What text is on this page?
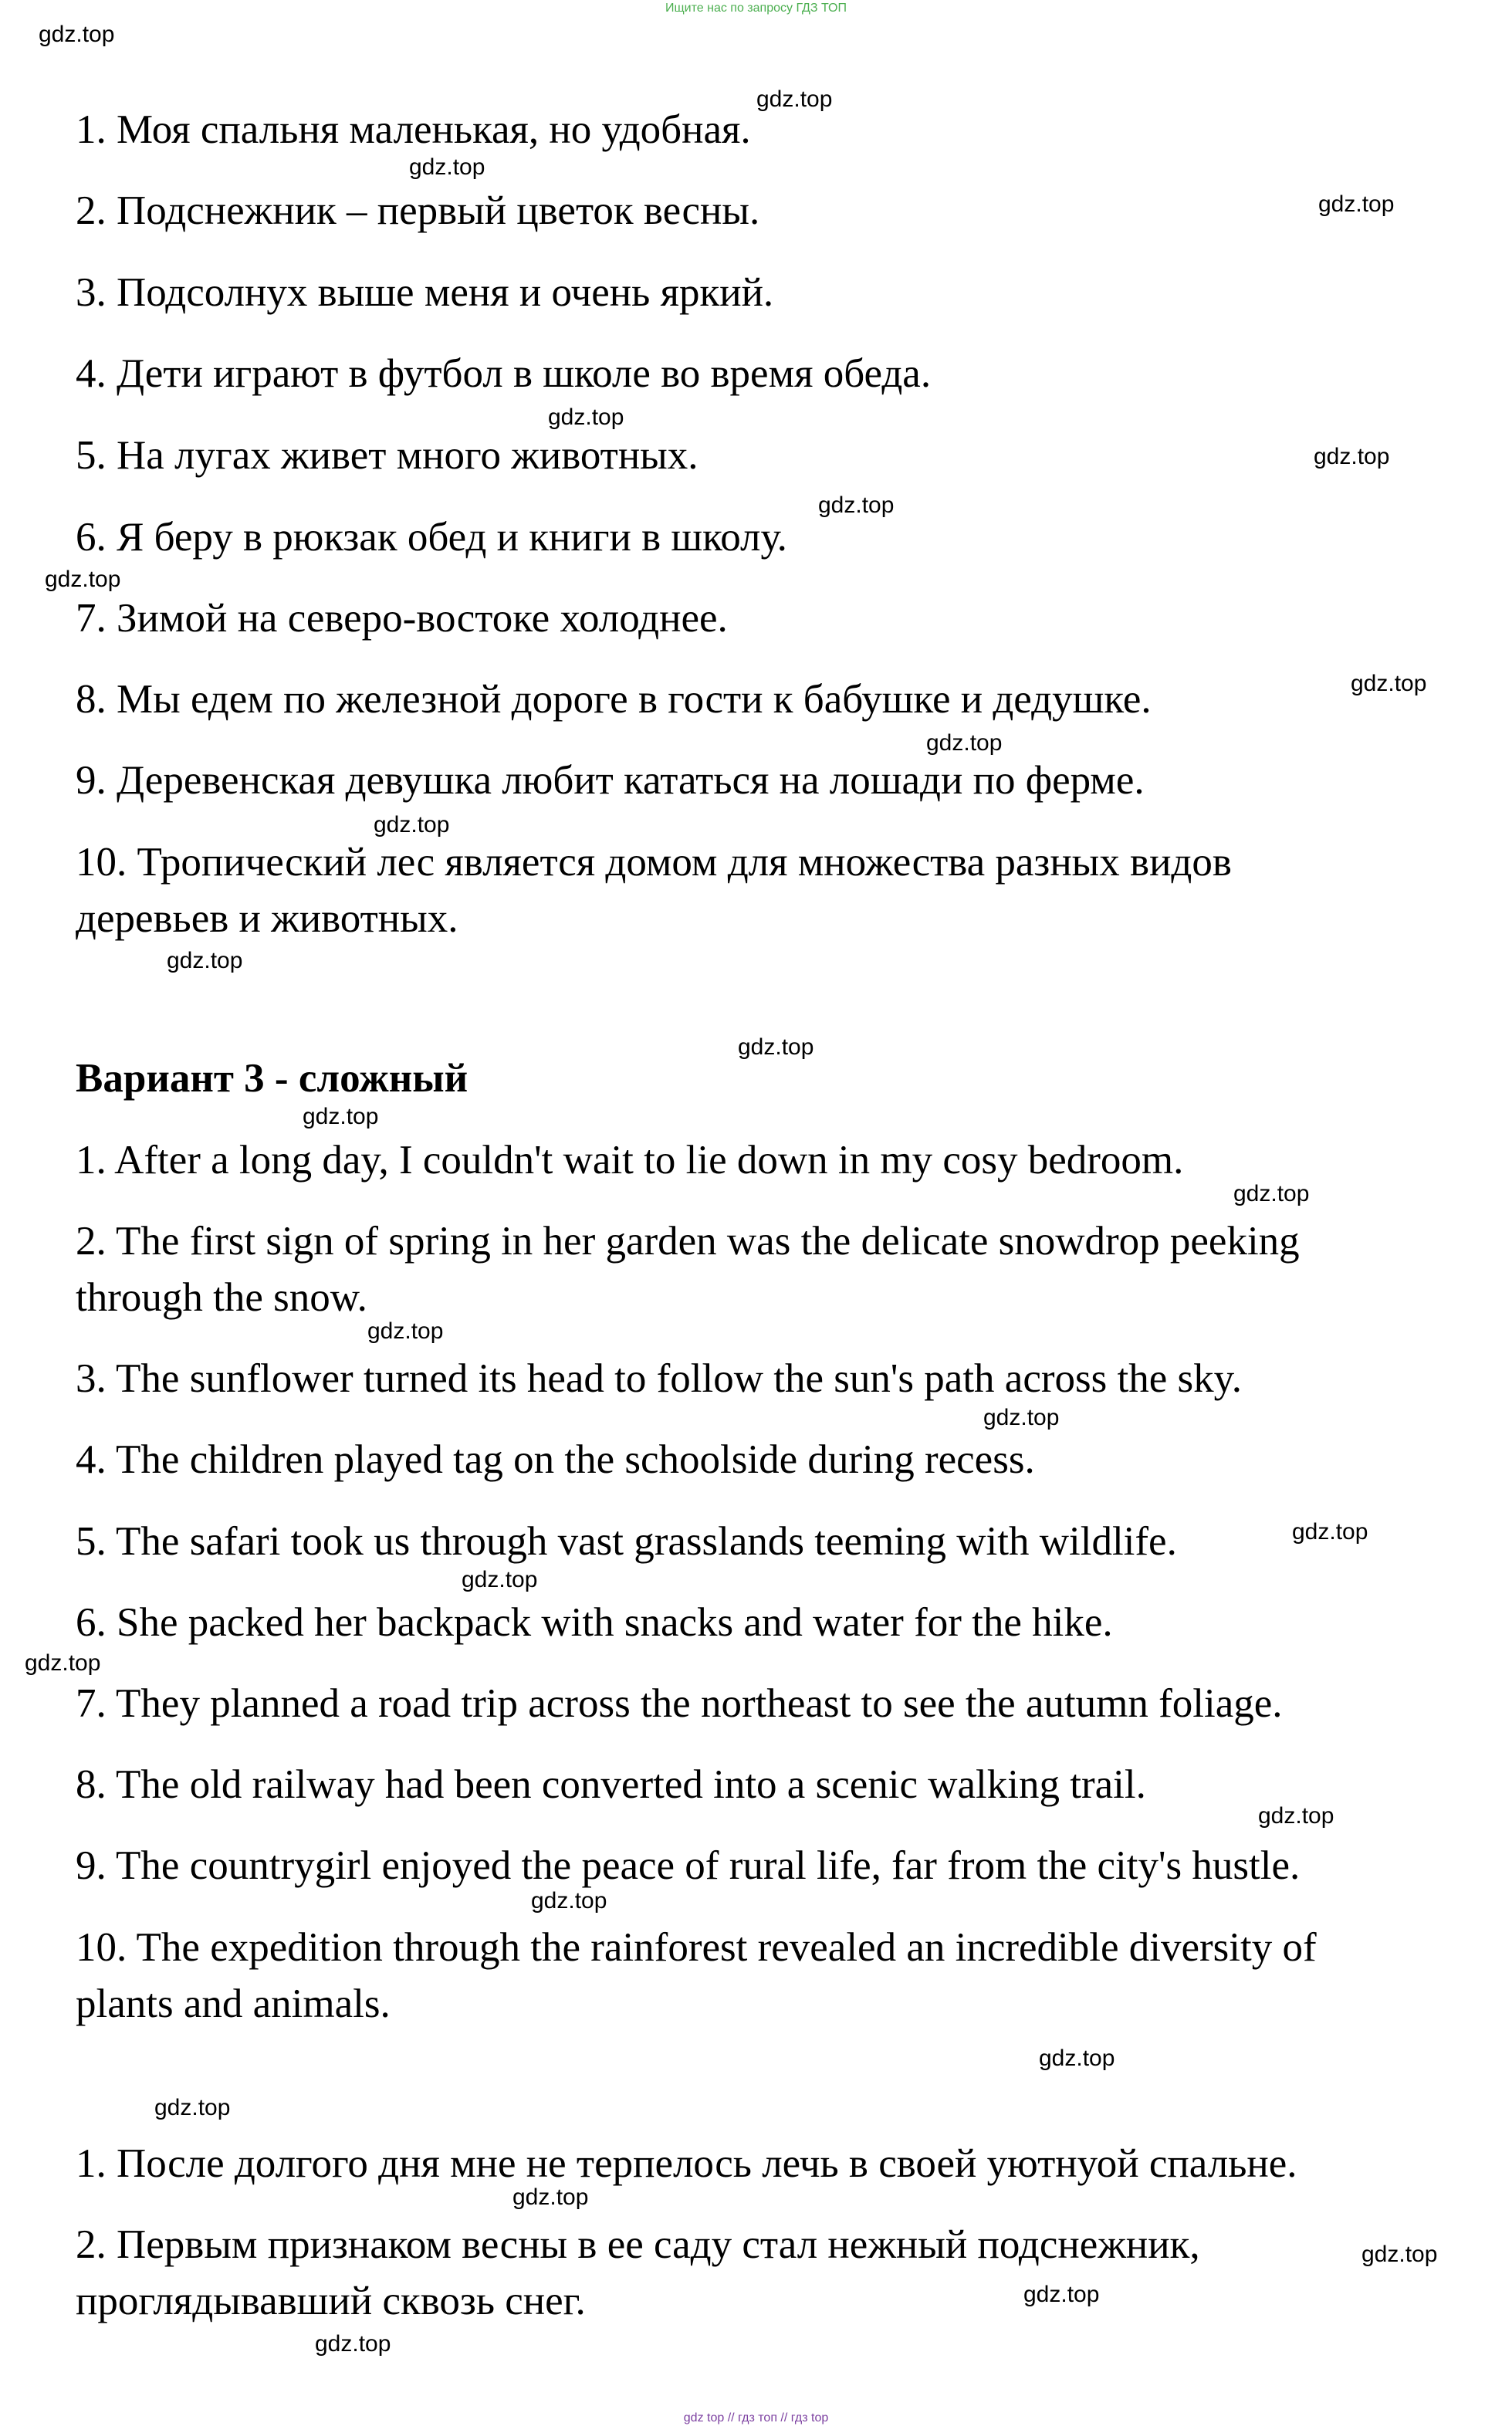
Ищите нас по запросу ГДЗ ТОП
1. Моя спальня маленькая, но удобная.
2. Подснежник – первый цветок весны.
3. Подсолнух выше меня и очень яркий.
4. Дети играют в футбол в школе во время обеда.
5. На лугах живет много животных.
6. Я беру в рюкзак обед и книги в школу.
7. Зимой на северо-востоке холоднее.
8. Мы едем по железной дороге в гости к бабушке и дедушке.
9. Деревенская девушка любит кататься на лошади по ферме.
10. Тропический лес является домом для множества разных видов
деревьев и животных.
Вариант 3 - сложный
1. After a long day, I couldn't wait to lie down in my cosy bedroom.
2. The first sign of spring in her garden was the delicate snowdrop peeking
through the snow.
3. The sunflower turned its head to follow the sun's path across the sky.
4. The children played tag on the schoolside during recess.
5. The safari took us through vast grasslands teeming with wildlife.
6. She packed her backpack with snacks and water for the hike.
7. They planned a road trip across the northeast to see the autumn foliage.
8. The old railway had been converted into a scenic walking trail.
9. The countrygirl enjoyed the peace of rural life, far from the city's hustle.
10. The expedition through the rainforest revealed an incredible diversity of
plants and animals.
1. После долгого дня мне не терпелось лечь в своей уютнуой спальне.
2. Первым признаком весны в ее саду стал нежный подснежник,
проглядывавший сквозь снег.
gdz.top
gdz.top
gdz.top
gdz.top
gdz.top
gdz.top
gdz.top
gdz.top
gdz.top
gdz.top
gdz.top
gdz.top
gdz.top
gdz.top
gdz.top
gdz.top
gdz.top
gdz.top
gdz.top
gdz.top
gdz.top
gdz.top
gdz.top
gdz.top
gdz.top
gdz.top
gdz.top
gdz.top
gdz top // гдз топ // гдз top
